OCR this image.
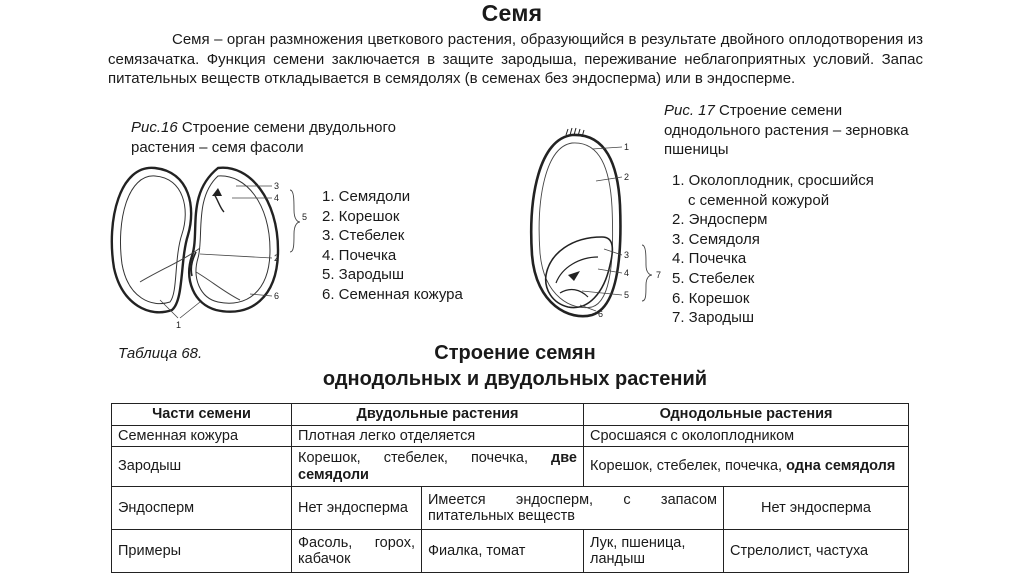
Семя

Семя – орган размножения цветкового растения, образующийся в результате двойного оплодотворения из семязачатка. Функция семени заключается в защите зародыша, переживание неблагоприятных условий. Запас питательных веществ откладывается в семядолях (в семенах без эндосперма) или в эндосперме.

Рис.16 Строение семени двудольного растения – семя фасоли
3
4
2
6
1
5
1. Семядоли
2. Корешок
3. Стебелек
4. Почечка
5. Зародыш
6. Семенная кожура
1
2
3
4
5
6
7
Рис. 17 Строение семени однодольного растения – зерновка пшеницы
1. Околоплодник, сросшийся
с семенной кожурой
2. Эндосперм
3. Семядоля
4. Почечка
5. Стебелек
6. Корешок
7. Зародыш
Таблица 68.	Строение семян
однодольных и двудольных растений
Части семени	Двудольные растения		Однодольные растения	
Семенная кожура	Плотная легко отделяется		Сросшаяся с околоплодником	
Зародыш	Корешок, стебелек, почечка, две семядоли		Корешок, стебелек, почечка, одна семядоля	
Эндосперм	Нет эндосперма	Имеется эндосперм, с запасом питательных веществ		Нет эндосперма
Примеры	Фасоль, горох, кабачок	Фиалка, томат	Лук, пшеница, ландыш	Стрелолист, частуха
